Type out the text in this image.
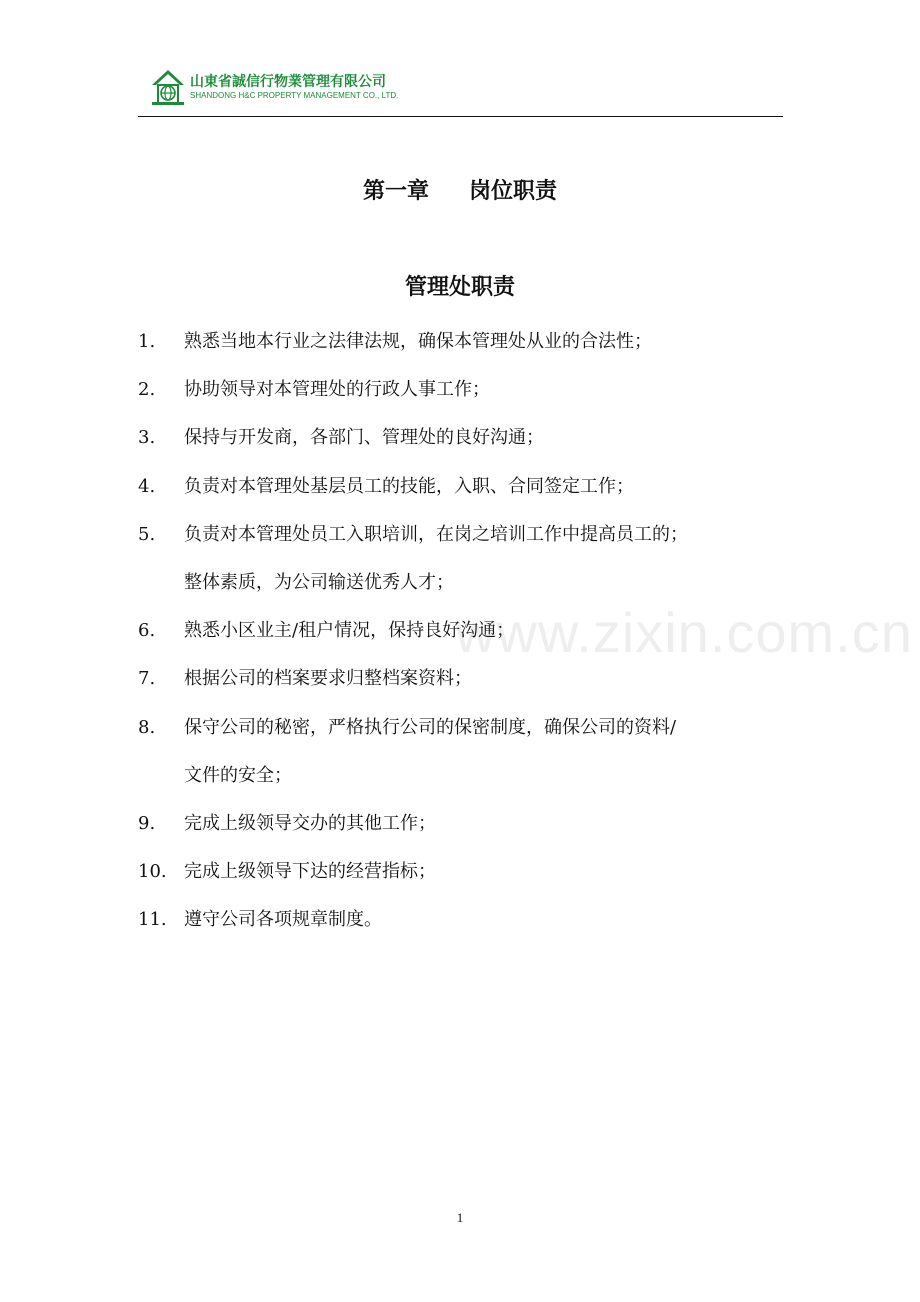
山東省誠信行物業管理有限公司
SHANDONG H&C PROPERTY MANAGEMENT CO., LTD.
第一章 岗位职责
管理处职责
1.	熟悉当地本行业之法律法规，确保本管理处从业的合法性；
2.	协助领导对本管理处的行政人事工作；
3.	保持与开发商，各部门、管理处的良好沟通；
4.	负责对本管理处基层员工的技能，入职、合同签定工作；
5.	负责对本管理处员工入职培训，在岗之培训工作中提高员工的；
整体素质，为公司输送优秀人才；
6.	熟悉小区业主/租户情况，保持良好沟通；
7.	根据公司的档案要求归整档案资料；
8.	保守公司的秘密，严格执行公司的保密制度，确保公司的资料/
文件的安全；
9.	完成上级领导交办的其他工作；
10. 完成上级领导下达的经营指标；
11. 遵守公司各项规章制度。
www.zixin.com.cn
1
